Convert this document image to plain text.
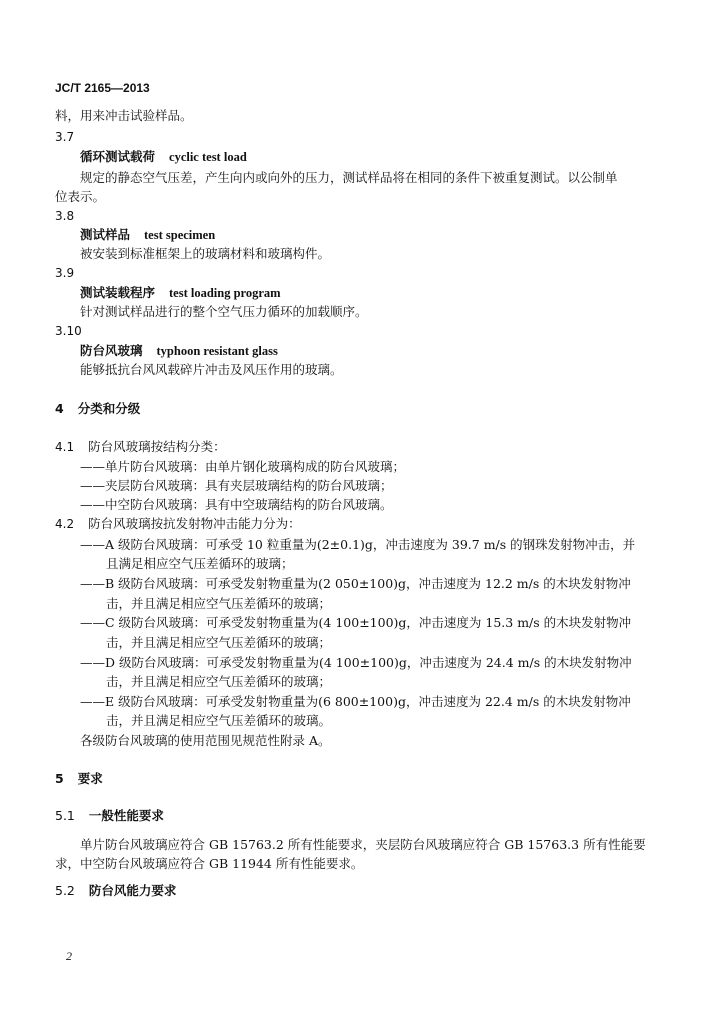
JC/T 2165—2013
料，用来冲击试验样品。
3.7
循环测试载荷 cyclic test load
规定的静态空气压差，产生向内或向外的压力，测试样品将在相同的条件下被重复测试。以公制单
位表示。
3.8
测试样品 test specimen
被安装到标准框架上的玻璃材料和玻璃构件。
3.9
测试装载程序 test loading program
针对测试样品进行的整个空气压力循环的加载顺序。
3.10
防台风玻璃 typhoon resistant glass
能够抵抗台风风载碎片冲击及风压作用的玻璃。
4 分类和分级
4.1 防台风玻璃按结构分类：
——单片防台风玻璃：由单片钢化玻璃构成的防台风玻璃；
——夹层防台风玻璃：具有夹层玻璃结构的防台风玻璃；
——中空防台风玻璃：具有中空玻璃结构的防台风玻璃。
4.2 防台风玻璃按抗发射物冲击能力分为：
——A 级防台风玻璃：可承受 10 粒重量为(2±0.1)g，冲击速度为 39.7 m/s 的钢珠发射物冲击，并
且满足相应空气压差循环的玻璃；
——B 级防台风玻璃：可承受发射物重量为(2 050±100)g，冲击速度为 12.2 m/s 的木块发射物冲
击，并且满足相应空气压差循环的玻璃；
——C 级防台风玻璃：可承受发射物重量为(4 100±100)g，冲击速度为 15.3 m/s 的木块发射物冲
击，并且满足相应空气压差循环的玻璃；
——D 级防台风玻璃：可承受发射物重量为(4 100±100)g，冲击速度为 24.4 m/s 的木块发射物冲
击，并且满足相应空气压差循环的玻璃；
——E 级防台风玻璃：可承受发射物重量为(6 800±100)g，冲击速度为 22.4 m/s 的木块发射物冲
击，并且满足相应空气压差循环的玻璃。
各级防台风玻璃的使用范围见规范性附录 A。
5 要求
5.1 一般性能要求
单片防台风玻璃应符合 GB 15763.2 所有性能要求，夹层防台风玻璃应符合 GB 15763.3 所有性能要
求，中空防台风玻璃应符合 GB 11944 所有性能要求。
5.2 防台风能力要求
2
